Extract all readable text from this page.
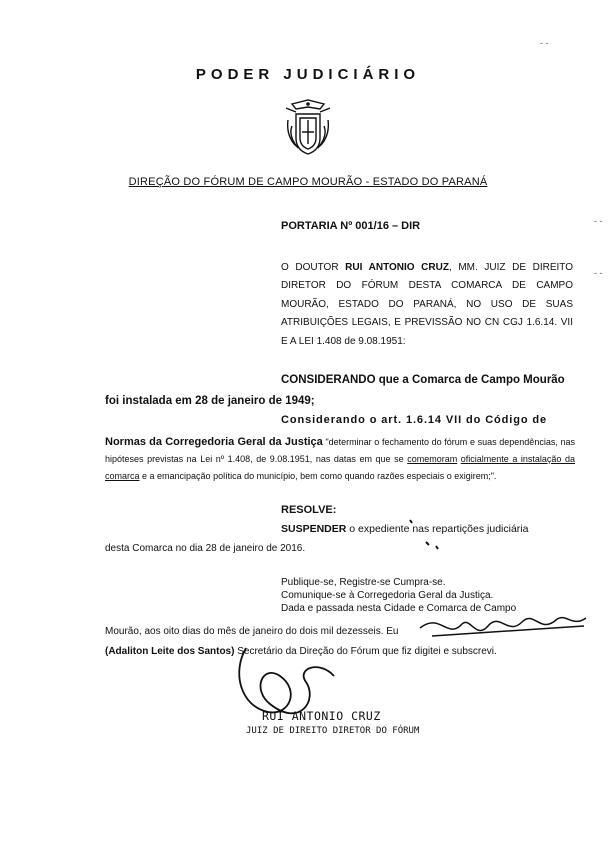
- -
PODER JUDICIÁRIO
DIREÇÃO DO FÓRUM DE CAMPO MOURÃO - ESTADO DO PARANÁ
- -
- -
PORTARIA Nº 001/16 – DIR
O DOUTOR RUI ANTONIO CRUZ, MM. JUIZ DE DIREITO DIRETOR DO FÓRUM DESTA COMARCA DE CAMPO MOURÃO, ESTADO DO PARANÁ, NO USO DE SUAS ATRIBUIÇÕES LEGAIS, E PREVISSÃO NO CN CGJ 1.6.14. VII E A LEI 1.408 de 9.08.1951:
CONSIDERANDO que a Comarca de Campo Mourão
foi instalada em 28 de janeiro de 1949;
Considerando o art. 1.6.14 VII do Código de
Normas da Corregedoria Geral da Justiça "determinar o fechamento do fórum e suas dependências, nas hipóteses previstas na Lei nº 1.408, de 9.08.1951, nas datas em que se comemoram oficialmente a instalação da comarca e a emancipação política do município, bem como quando razões especiais o exigirem;".
RESOLVE:
SUSPENDER o expediente nas repartições judiciária
desta Comarca no dia 28 de janeiro de 2016.
Publique-se, Registre-se Cumpra-se.
Comunique-se à Corregedoria Geral da Justiça.
Dada e passada nesta Cidade e Comarca de Campo
Mourão, aos oito dias do mês de janeiro do dois mil dezesseis. Eu
(Adaliton Leite dos Santos) Secretário da Direção do Fórum que fiz digitei e subscrevi.
RUI ANTONIO CRUZ
JUIZ DE DIREITO DIRETOR DO FÓRUM
